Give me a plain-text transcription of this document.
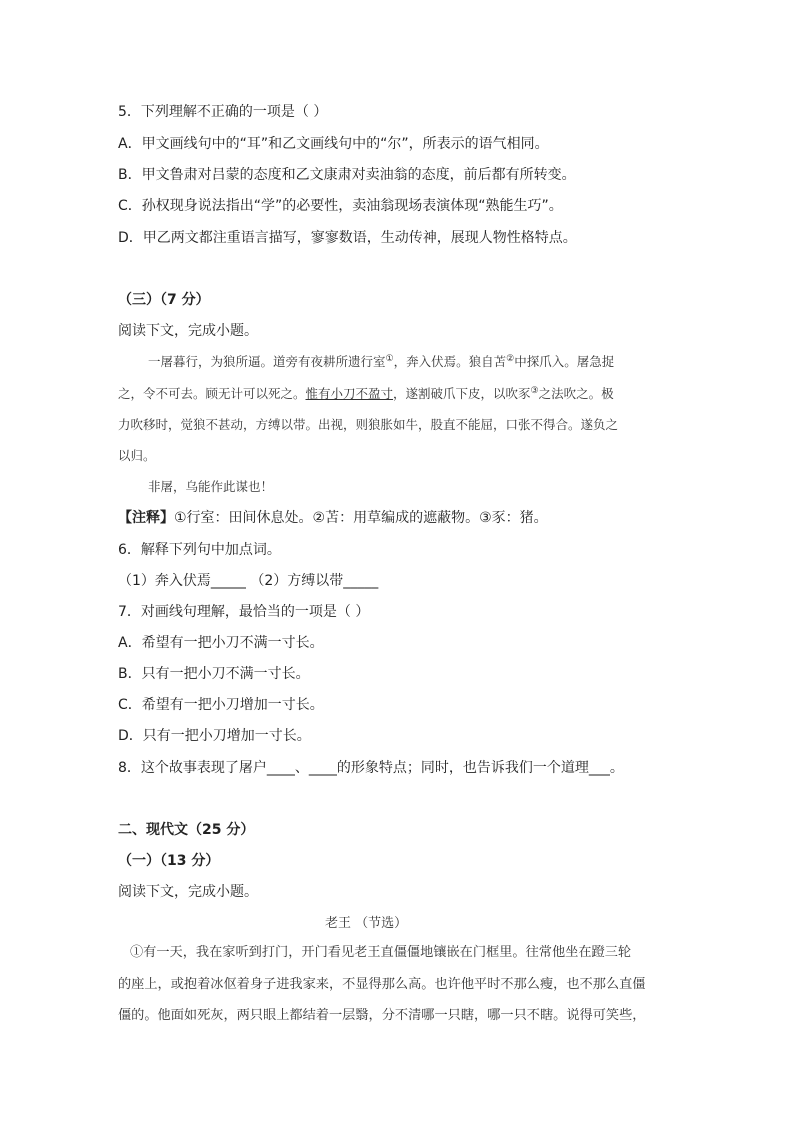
5．下列理解不正确的一项是（ ）
A．甲文画线句中的“耳”和乙文画线句中的“尔”，所表示的语气相同。
B．甲文鲁肃对吕蒙的态度和乙文康肃对卖油翁的态度，前后都有所转变。
C．孙权现身说法指出“学”的必要性，卖油翁现场表演体现“熟能生巧”。
D．甲乙两文都注重语言描写，寥寥数语，生动传神，展现人物性格特点。
（三）（7 分）
阅读下文，完成小题。
一屠暮行，为狼所逼。道旁有夜耕所遗行室①，奔入伏焉。狼自苫②中探爪入。屠急捉
之，令不可去。顾无计可以死之。惟有小刀不盈寸，遂割破爪下皮，以吹豕③之法吹之。极
力吹移时，觉狼不甚动，方缚以带。出视，则狼胀如牛，股直不能屈，口张不得合。遂负之
以归。
非屠，乌能作此谋也！
【注释】①行室：田间休息处。②苫：用草编成的遮蔽物。③豕：猪。
6．解释下列句中加点词。
（1）奔入伏焉_____ （2）方缚以带_____
7．对画线句理解，最恰当的一项是（ ）
A．希望有一把小刀不满一寸长。
B．只有一把小刀不满一寸长。
C．希望有一把小刀增加一寸长。
D．只有一把小刀增加一寸长。
8．这个故事表现了屠户____、____的形象特点；同时，也告诉我们一个道理___。
二、现代文（25 分）
（一）（13 分）
阅读下文，完成小题。
老王 （节选）
①有一天，我在家听到打门，开门看见老王直僵僵地镶嵌在门框里。往常他坐在蹬三轮
的座上，或抱着冰伛着身子进我家来，不显得那么高。也许他平时不那么瘦，也不那么直僵
僵的。他面如死灰，两只眼上都结着一层翳，分不清哪一只瞎，哪一只不瞎。说得可笑些，
